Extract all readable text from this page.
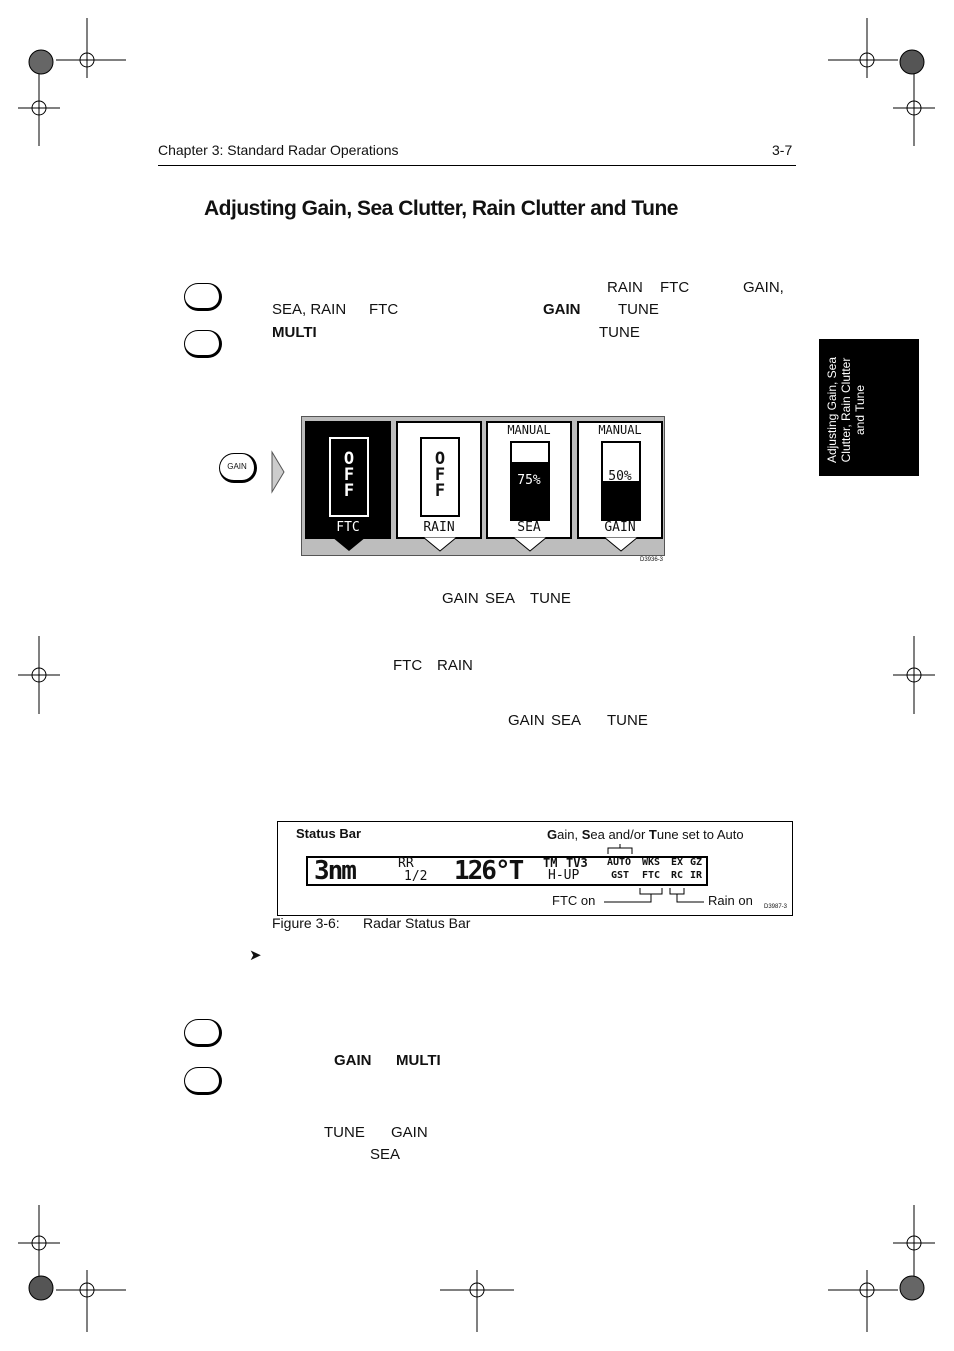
Chapter 3: Standard Radar Operations	3-7
Adjusting Gain, Sea Clutter, Rain Clutter and Tune
Adjusting Gain, Sea Clutter, Rain Clutter and Tune
RAIN FTC	GAIN,
SEA, RAIN FTC	GAIN	TUNE
MULTI	TUNE
GAIN	O
F
F
FTC
O
F
F
RAIN
MANUAL
75%
SEA
MANUAL
50%
GAIN
D3936-3
GAIN SEA TUNE
FTC RAIN
GAIN SEA TUNE
Status Bar	Gain, Sea and/or Tune set to Auto
3nm	RR
1/2 126°T TM TV3
H-UP
AUTO
GST
WKS
FTC
EX
RC
GZ
IR
FTC on	Rain on D3987-3
Figure 3-6: Radar Status Bar
➤
GAIN MULTI
TUNE GAIN
SEA
